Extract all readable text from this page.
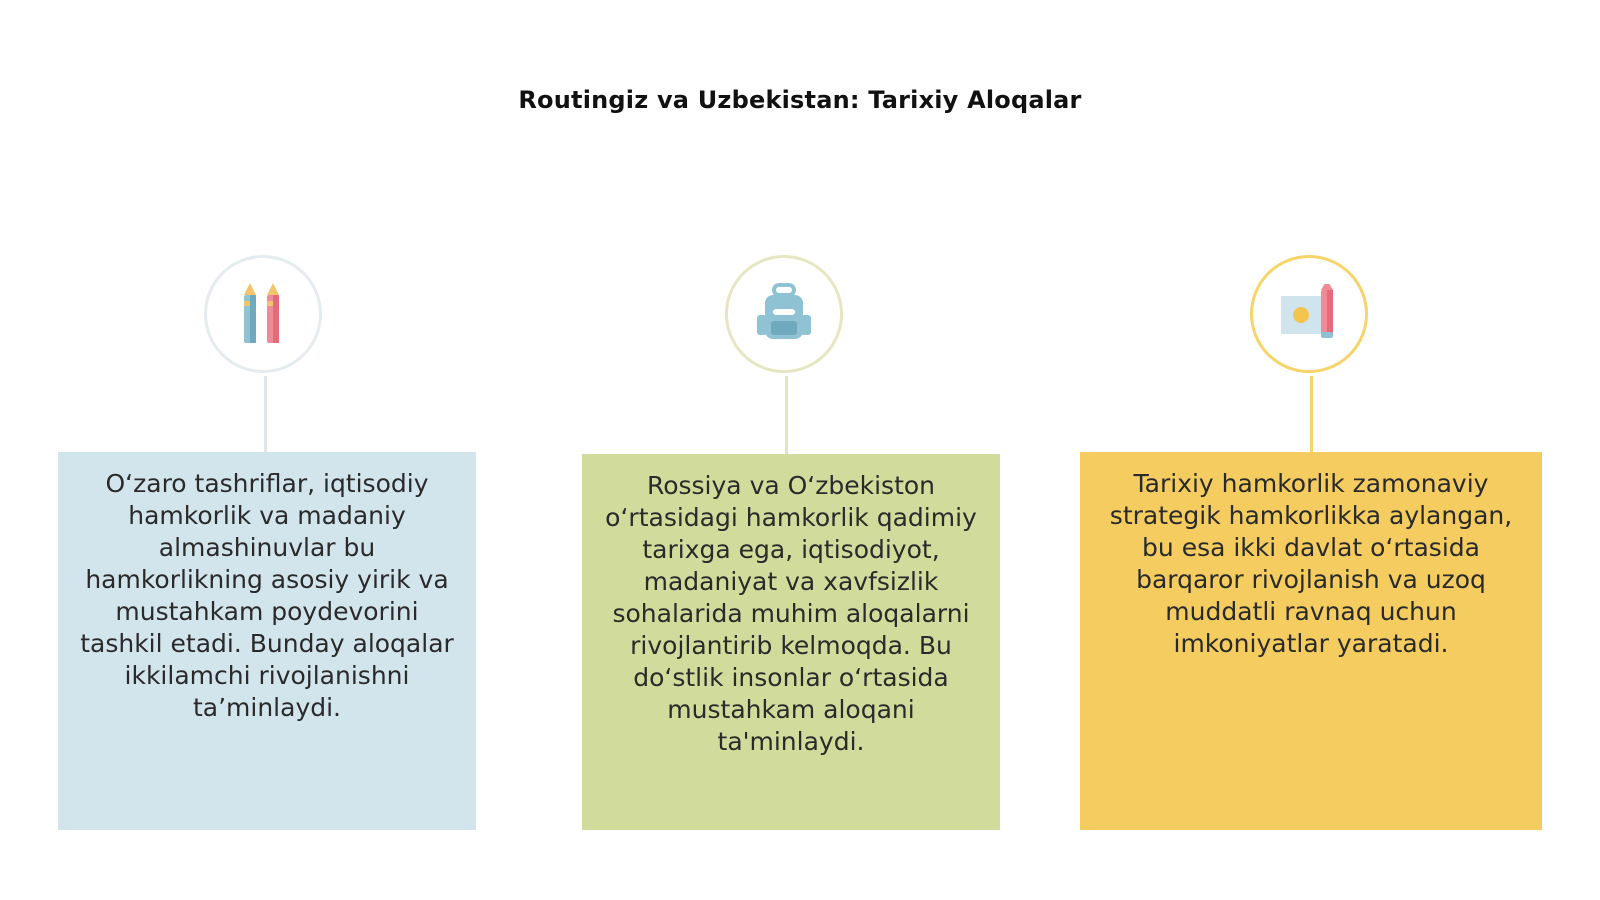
Routingiz va Uzbekistan: Tarixiy Aloqalar
O‘zaro tashriflar, iqtisodiy hamkorlik va madaniy almashinuvlar bu hamkorlikning asosiy yirik va mustahkam poydevorini tashkil etadi. Bunday aloqalar ikkilamchi rivojlanishni ta’minlaydi.
Rossiya va O‘zbekiston o‘rtasidagi hamkorlik qadimiy tarixga ega, iqtisodiyot, madaniyat va xavfsizlik sohalarida muhim aloqalarni rivojlantirib kelmoqda. Bu do‘stlik insonlar o‘rtasida mustahkam aloqani ta'minlaydi.
Tarixiy hamkorlik zamonaviy strategik hamkorlikka aylangan, bu esa ikki davlat o‘rtasida barqaror rivojlanish va uzoq muddatli ravnaq uchun imkoniyatlar yaratadi.
